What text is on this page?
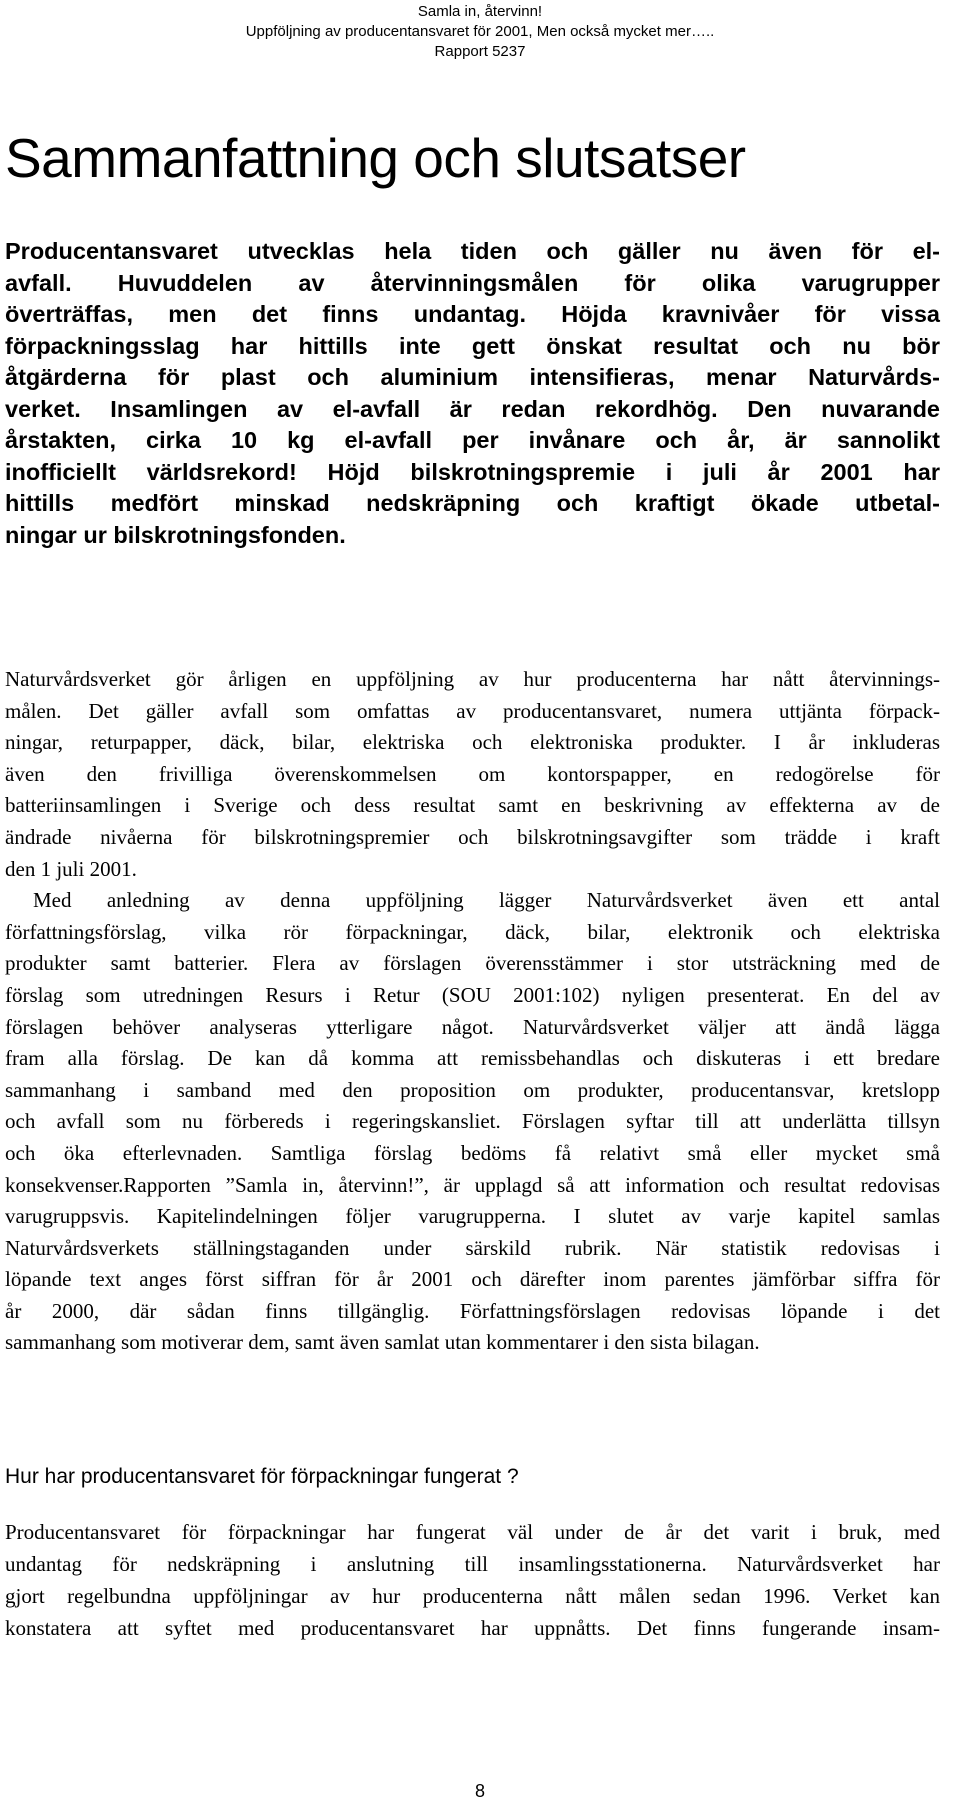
Samla in, återvinn!
Uppföljning av producentansvaret för 2001, Men också mycket mer…..
Rapport 5237
Sammanfattning och slutsatser
Producentansvaret utvecklas hela tiden och gäller nu även för el-
avfall. Huvuddelen av återvinningsmålen för olika varugrupper
överträffas, men det finns undantag. Höjda kravnivåer för vissa
förpackningsslag har hittills inte gett önskat resultat och nu bör
åtgärderna för plast och aluminium intensifieras, menar Naturvårds-
verket. Insamlingen av el-avfall är redan rekordhög. Den nuvarande
årstakten, cirka 10 kg el-avfall per invånare och år, är sannolikt
inofficiellt världsrekord! Höjd bilskrotningspremie i juli år 2001 har
hittills medfört minskad nedskräpning och kraftigt ökade utbetal-
ningar ur bilskrotningsfonden.
Naturvårdsverket gör årligen en uppföljning av hur producenterna har nått återvinnings-
målen. Det gäller avfall som omfattas av producentansvaret, numera uttjänta förpack-
ningar, returpapper, däck, bilar, elektriska och elektroniska produkter. I år inkluderas
även den frivilliga överenskommelsen om kontorspapper, en redogörelse för
batteriinsamlingen i Sverige och dess resultat samt en beskrivning av effekterna av de
ändrade nivåerna för bilskrotningspremier och bilskrotningsavgifter som trädde i kraft
den 1 juli 2001.
Med anledning av denna uppföljning lägger Naturvårdsverket även ett antal
författningsförslag, vilka rör förpackningar, däck, bilar, elektronik och elektriska
produkter samt batterier. Flera av förslagen överensstämmer i stor utsträckning med de
förslag som utredningen Resurs i Retur (SOU 2001:102) nyligen presenterat. En del av
förslagen behöver analyseras ytterligare något. Naturvårdsverket väljer att ändå lägga
fram alla förslag. De kan då komma att remissbehandlas och diskuteras i ett bredare
sammanhang i samband med den proposition om produkter, producentansvar, kretslopp
och avfall som nu förbereds i regeringskansliet. Förslagen syftar till att underlätta tillsyn
och öka efterlevnaden. Samtliga förslag bedöms få relativt små eller mycket små
konsekvenser.Rapporten ”Samla in, återvinn!”, är upplagd så att information och resultat redovisas
varugruppsvis. Kapitelindelningen följer varugrupperna. I slutet av varje kapitel samlas
Naturvårdsverkets ställningstaganden under särskild rubrik. När statistik redovisas i
löpande text anges först siffran för år 2001 och därefter inom parentes jämförbar siffra för
år 2000, där sådan finns tillgänglig. Författningsförslagen redovisas löpande i det
sammanhang som motiverar dem, samt även samlat utan kommentarer i den sista bilagan.
Hur har producentansvaret för förpackningar fungerat ?
Producentansvaret för förpackningar har fungerat väl under de år det varit i bruk, med
undantag för nedskräpning i anslutning till insamlingsstationerna. Naturvårdsverket har
gjort regelbundna uppföljningar av hur producenterna nått målen sedan 1996. Verket kan
konstatera att syftet med producentansvaret har uppnåtts. Det finns fungerande insam-
8
